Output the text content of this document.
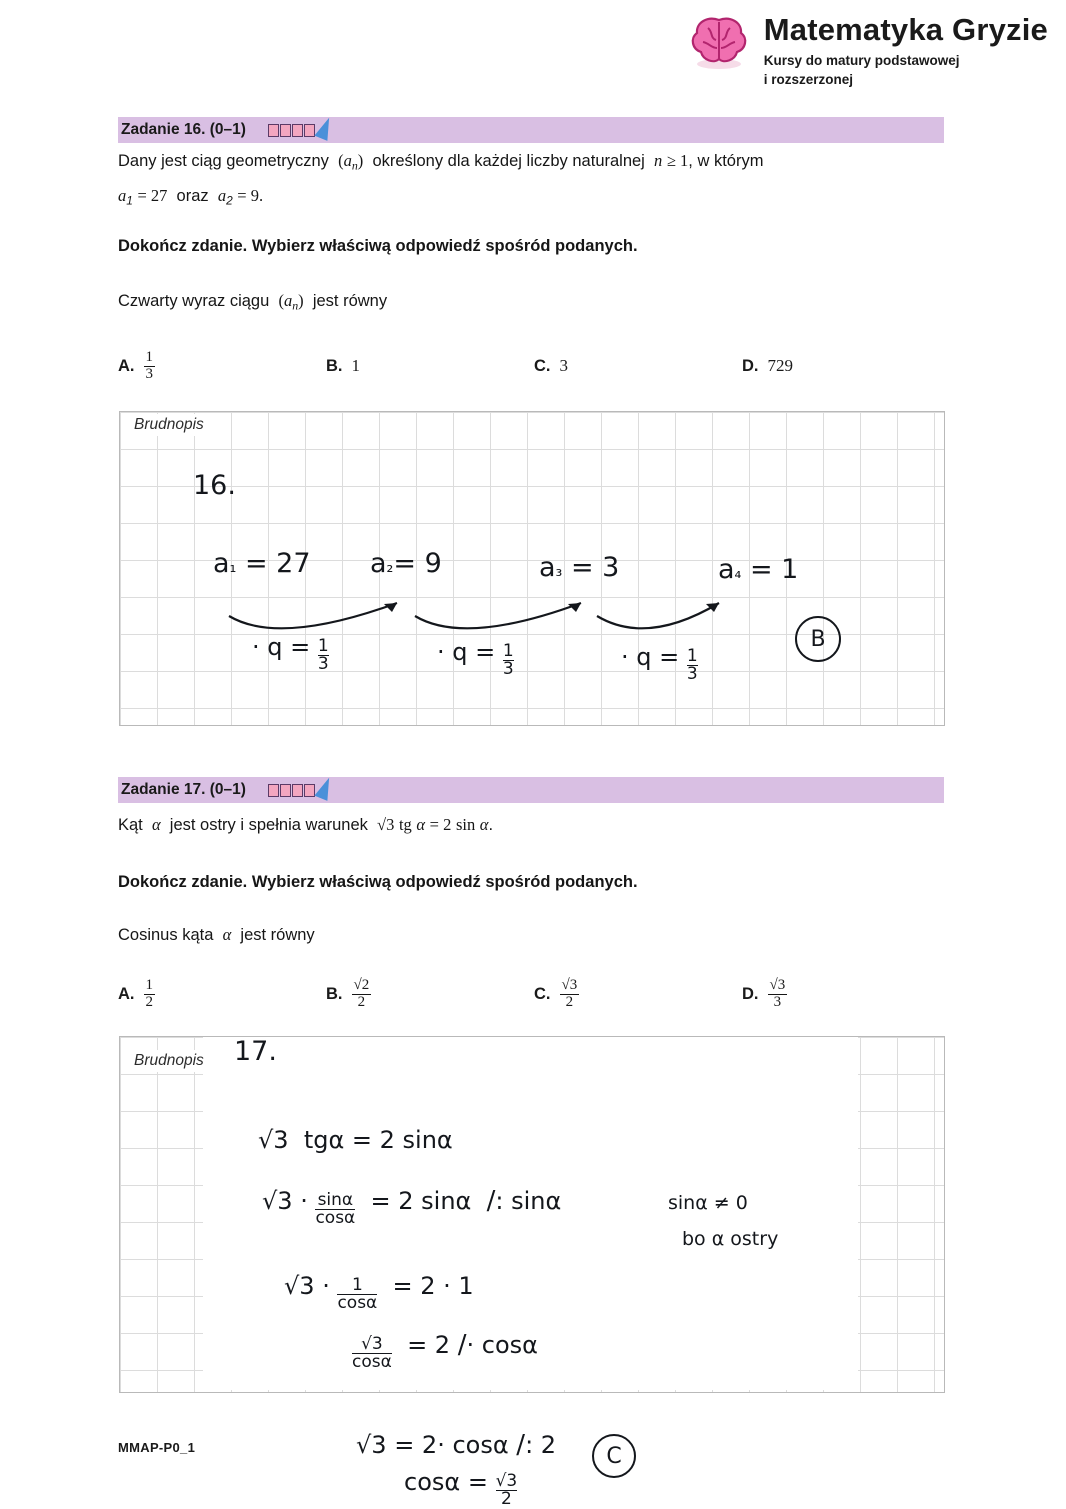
Matematyka Gryzie
Kursy do matury podstawowej
i rozszerzonej
Zadanie 16. (0–1)
Dany jest ciąg geometryczny  $(a_n)$  określony dla każdej liczby naturalnej  n ≥ 1, w którym
$a_1 = 27$  oraz  $a_2 = 9$.
Dokończ zdanie. Wybierz właściwą odpowiedź spośród podanych.
Czwarty wyraz ciągu  $(a_n)$  jest równy
A. $\frac{1}{3}$	B. 1	C. 3	D. 729
Brudnopis
16.
a₁ = 27 a₂= 9	a₃ = 3	a₄ = 1
· $q = \frac{1}{3}$	· $q = \frac{1}{3}$	· $q = \frac{1}{3}$
B
Zadanie 17. (0–1)
Kąt  α  jest ostry i spełnia warunek  √3 tg α = 2 sin α.
Dokończ zdanie. Wybierz właściwą odpowiedź spośród podanych.
Cosinus kąta  α  jest równy
A. $\frac{1}{2}$	B. $\frac{√2}{2}$	C. $\frac{√3}{2}$	D. $\frac{√3}{3}$
Brudnopis	17.
√3  tgα = 2 sinα
$√3 \cdot \frac{\sin\alpha}{\cos\alpha} = 2$ sinα  /: sinα	sinα ≠ 0
bo α ostry
$√3 \cdot \frac{1}{\cos\alpha} = 2 \cdot 1$
$\frac{√3}{\cos\alpha} = 2 /\cdot \cos\alpha$
√3 = 2· cosα /: 2
$\cos\alpha = \frac{√3}{2}$
C
MMAP-P0_1
